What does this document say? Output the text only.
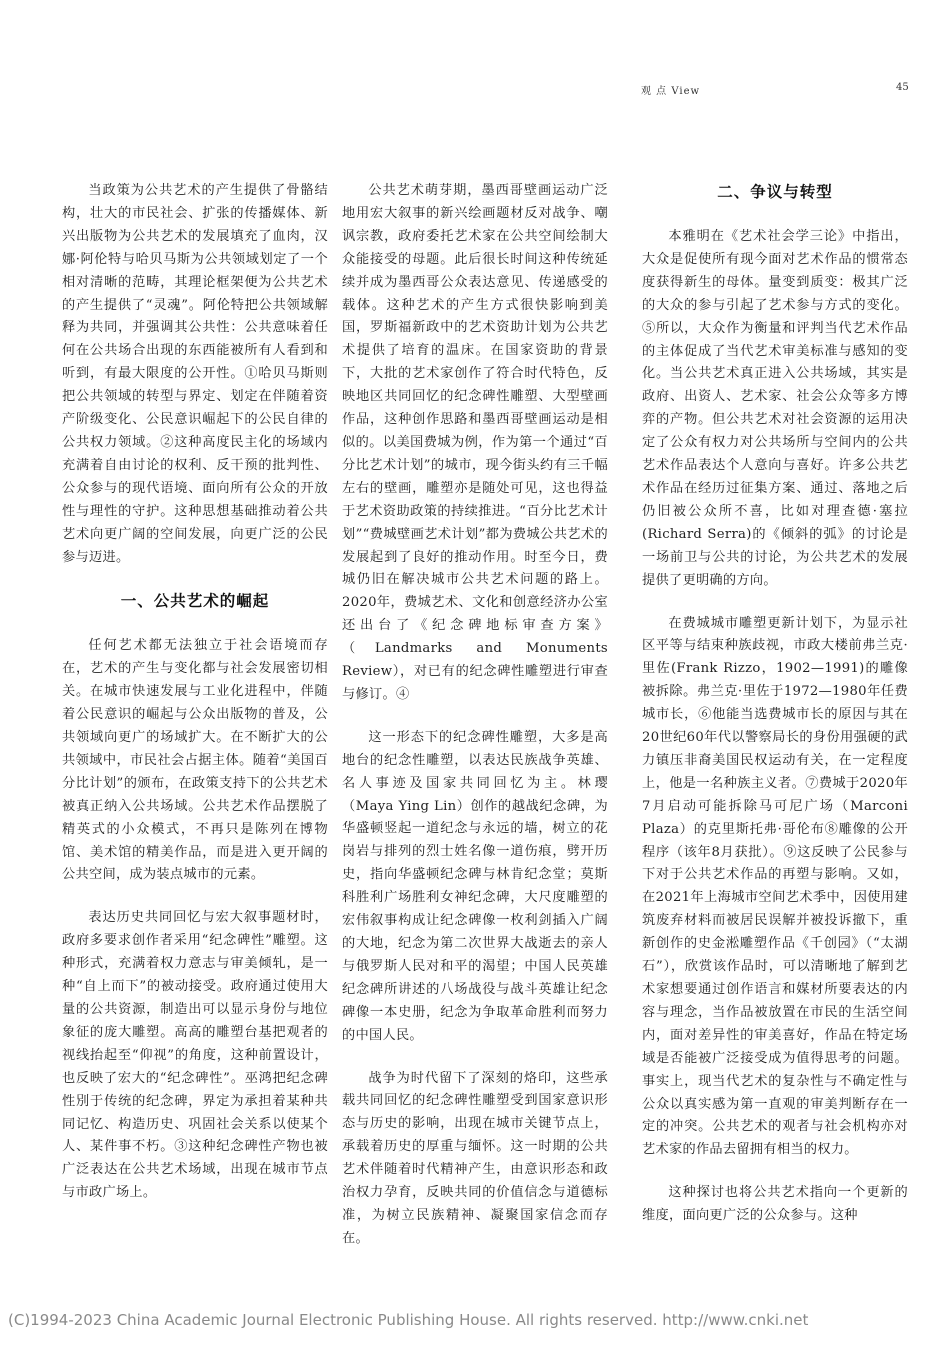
观 点 View	45

当政策为公共艺术的产生提供了骨骼结构，壮大的市民社会、扩张的传播媒体、新兴出版物为公共艺术的发展填充了血肉，汉娜·阿伦特与哈贝马斯为公共领域划定了一个相对清晰的范畴，其理论框架便为公共艺术的产生提供了“灵魂”。阿伦特把公共领域解释为共同，并强调其公共性：公共意味着任何在公共场合出现的东西能被所有人看到和听到，有最大限度的公开性。①哈贝马斯则把公共领域的转型与界定、划定在伴随着资产阶级变化、公民意识崛起下的公民自律的公共权力领域。②这种高度民主化的场域内充满着自由讨论的权利、反干预的批判性、公众参与的现代语境、面向所有公众的开放性与理性的守护。这种思想基础推动着公共艺术向更广阔的空间发展，向更广泛的公民参与迈进。

一、公共艺术的崛起

任何艺术都无法独立于社会语境而存在，艺术的产生与变化都与社会发展密切相关。在城市快速发展与工业化进程中，伴随着公民意识的崛起与公众出版物的普及，公共领域向更广的场域扩大。在不断扩大的公共领域中，市民社会占据主体。随着“美国百分比计划”的颁布，在政策支持下的公共艺术被真正纳入公共场域。公共艺术作品摆脱了精英式的小众模式，不再只是陈列在博物馆、美术馆的精美作品，而是进入更开阔的公共空间，成为装点城市的元素。

表达历史共同回忆与宏大叙事题材时，政府多要求创作者采用“纪念碑性”雕塑。这种形式，充满着权力意志与审美倾轧，是一种“自上而下”的被动接受。政府通过使用大量的公共资源，制造出可以显示身份与地位象征的庞大雕塑。高高的雕塑台基把观者的视线抬起至“仰视”的角度，这种前置设计，也反映了宏大的“纪念碑性”。巫鸿把纪念碑性別于传统的纪念碑，界定为承担着某种共同记忆、构造历史、巩固社会关系以使某个人、某件事不朽。③这种纪念碑性产物也被广泛表达在公共艺术场域，出现在城市节点与市政广场上。

公共艺术萌芽期，墨西哥壁画运动广泛地用宏大叙事的新兴绘画题材反对战争、嘲讽宗教，政府委托艺术家在公共空间绘制大众能接受的母题。此后很长时间这种传统延续并成为墨西哥公众表达意见、传递感受的载体。这种艺术的产生方式很快影响到美国，罗斯福新政中的艺术资助计划为公共艺术提供了培育的温床。在国家资助的背景下，大批的艺术家创作了符合时代特色，反映地区共同回忆的纪念碑性雕塑、大型壁画作品，这种创作思路和墨西哥壁画运动是相似的。以美国费城为例，作为第一个通过“百分比艺术计划”的城市，现今街头约有三千幅左右的壁画，雕塑亦是随处可见，这也得益于艺术资助政策的持续推进。“百分比艺术计划”“费城壁画艺术计划”都为费城公共艺术的发展起到了良好的推动作用。时至今日，费城仍旧在解决城市公共艺术问题的路上。2020年，费城艺术、文化和创意经济办公室还出台了《纪念碑地标审查方案》（Landmarks and Monuments Review），对已有的纪念碑性雕塑进行审查与修订。④

这一形态下的纪念碑性雕塑，大多是高地台的纪念性雕塑，以表达民族战争英雄、名人事迹及国家共同回忆为主。林璎（Maya Ying Lin）创作的越战纪念碑，为华盛顿竖起一道纪念与永远的墙，树立的花岗岩与排列的烈士姓名像一道伤痕，劈开历史，指向华盛顿纪念碑与林肯纪念堂；莫斯科胜利广场胜利女神纪念碑，大尺度雕塑的宏伟叙事构成让纪念碑像一枚利剑插入广阔的大地，纪念为第二次世界大战逝去的亲人与俄罗斯人民对和平的渴望；中国人民英雄纪念碑所讲述的八场战役与战斗英雄让纪念碑像一本史册，纪念为争取革命胜利而努力的中国人民。

战争为时代留下了深刻的烙印，这些承载共同回忆的纪念碑性雕塑受到国家意识形态与历史的影响，出现在城市关键节点上，承载着历史的厚重与缅怀。这一时期的公共艺术伴随着时代精神产生，由意识形态和政治权力孕育，反映共同的价值信念与道德标准，为树立民族精神、凝聚国家信念而存在。

二、争议与转型

本雅明在《艺术社会学三论》中指出，大众是促使所有现今面对艺术作品的惯常态度获得新生的母体。量变到质变：极其广泛的大众的参与引起了艺术参与方式的变化。⑤所以，大众作为衡量和评判当代艺术作品的主体促成了当代艺术审美标准与感知的变化。当公共艺术真正进入公共场域，其实是政府、出资人、艺术家、社会公众等多方博弈的产物。但公共艺术对社会资源的运用决定了公众有权力对公共场所与空间内的公共艺术作品表达个人意向与喜好。许多公共艺术作品在经历过征集方案、通过、落地之后仍旧被公众所不喜，比如对理查德·塞拉(Richard Serra)的《倾斜的弧》的讨论是一场前卫与公共的讨论，为公共艺术的发展提供了更明确的方向。

在费城城市雕塑更新计划下，为显示社区平等与结束种族歧视，市政大楼前弗兰克·里佐(Frank Rizzo，1902—1991)的雕像被拆除。弗兰克·里佐于1972—1980年任费城市长，⑥他能当选费城市长的原因与其在20世纪60年代以警察局长的身份用强硬的武力镇压非裔美国民权运动有关，在一定程度上，他是一名种族主义者。⑦费城于2020年7月启动可能拆除马可尼广场（Marconi Plaza）的克里斯托弗·哥伦布⑧雕像的公开程序（该年8月获批）。⑨这反映了公民参与下对于公共艺术作品的再塑与影响。又如，在2021年上海城市空间艺术季中，因使用建筑废弃材料而被居民误解并被投诉撤下，重新创作的史金淞雕塑作品《千创园》（“太湖石”），欣赏该作品时，可以清晰地了解到艺术家想要通过创作语言和媒材所要表达的内容与理念，当作品被放置在市民的生活空间内，面对差异性的审美喜好，作品在特定场域是否能被广泛接受成为值得思考的问题。事实上，现当代艺术的复杂性与不确定性与公众以真实感为第一直观的审美判断存在一定的冲突。公共艺术的观者与社会机构亦对艺术家的作品去留拥有相当的权力。

这种探讨也将公共艺术指向一个更新的维度，面向更广泛的公众参与。这种

(C)1994-2023 China Academic Journal Electronic Publishing House. All rights reserved. http://www.cnki.net
